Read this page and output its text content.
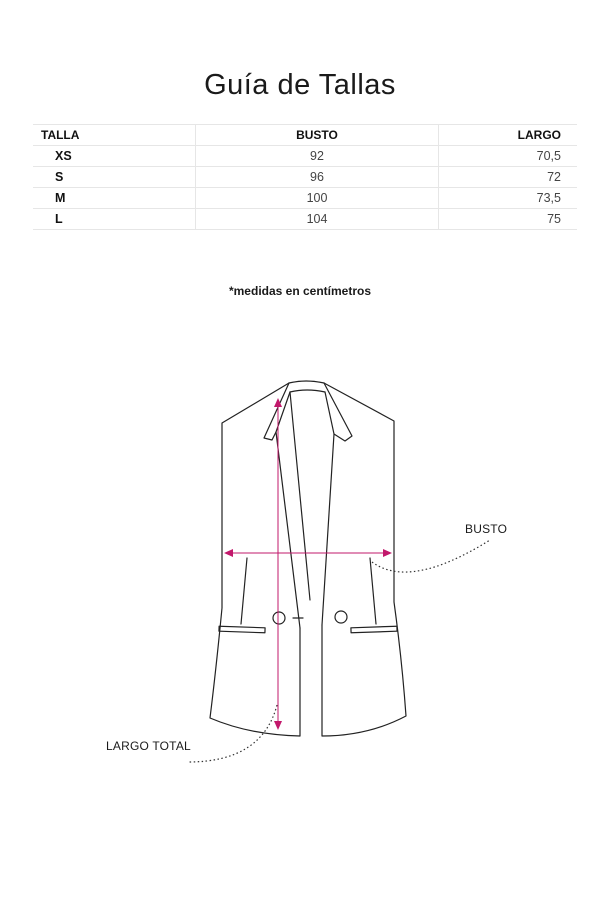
Guía de Tallas
TALLA	BUSTO	LARGO
XS	92	70,5
S	96	72
M	100	73,5
L	104	75
*medidas en centímetros
BUSTO
LARGO TOTAL
